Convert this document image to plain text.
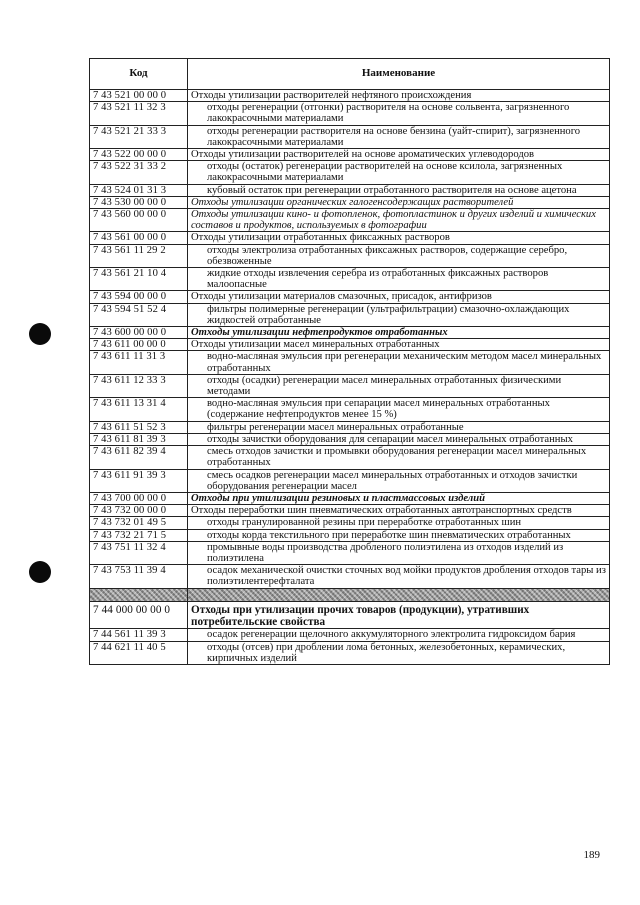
Код	Наименование
7 43 521 00 00 0	Отходы утилизации растворителей нефтяного происхождения
7 43 521 11 32 3	отходы регенерации (отгонки) растворителя на основе сольвента, загрязненного лакокрасочными материалами
7 43 521 21 33 3	отходы регенерации растворителя на основе бензина (уайт-спирит), загрязненного лакокрасочными материалами
7 43 522 00 00 0	Отходы утилизации растворителей на основе ароматических углеводородов
7 43 522 31 33 2	отходы (остаток) регенерации растворителей на основе ксилола, загрязненных лакокрасочными материалами
7 43 524 01 31 3	кубовый остаток при регенерации отработанного растворителя на основе ацетона
7 43 530 00 00 0	Отходы утилизации органических галогенсодержащих растворителей
7 43 560 00 00 0	Отходы утилизации кино- и фотопленок, фотопластинок и других изделий и химических составов и продуктов, используемых в фотографии
7 43 561 00 00 0	Отходы утилизации отработанных фиксажных растворов
7 43 561 11 29 2	отходы электролиза отработанных фиксажных растворов, содержащие серебро, обезвоженные
7 43 561 21 10 4	жидкие отходы извлечения серебра из отработанных фиксажных растворов малоопасные
7 43 594 00 00 0	Отходы утилизации материалов смазочных, присадок, антифризов
7 43 594 51 52 4	фильтры полимерные регенерации (ультрафильтрации) смазочно-охлаждающих жидкостей отработанные
7 43 600 00 00 0	Отходы утилизации нефтепродуктов отработанных
7 43 611 00 00 0	Отходы утилизации масел минеральных отработанных
7 43 611 11 31 3	водно-масляная эмульсия при регенерации механическим методом масел минеральных отработанных
7 43 611 12 33 3	отходы (осадки) регенерации масел минеральных отработанных физическими методами
7 43 611 13 31 4	водно-масляная эмульсия при сепарации масел минеральных отработанных (содержание нефтепродуктов менее 15 %)
7 43 611 51 52 3	фильтры регенерации масел минеральных отработанные
7 43 611 81 39 3	отходы зачистки оборудования для сепарации масел минеральных отработанных
7 43 611 82 39 4	смесь отходов зачистки и промывки оборудования регенерации масел минеральных отработанных
7 43 611 91 39 3	смесь осадков регенерации масел минеральных отработанных и отходов зачистки оборудования регенерации масел
7 43 700 00 00 0	Отходы при утилизации резиновых и пластмассовых изделий
7 43 732 00 00 0	Отходы переработки шин пневматических отработанных автотранспортных средств
7 43 732 01 49 5	отходы гранулированной резины при переработке отработанных шин
7 43 732 21 71 5	отходы корда текстильного при переработке шин пневматических отработанных
7 43 751 11 32 4	промывные воды производства дробленого полиэтилена из отходов изделий из полиэтилена
7 43 753 11 39 4	осадок механической очистки сточных вод мойки продуктов дробления отходов тары из полиэтилентерефталата

7 44 000 00 00 0	Отходы при утилизации прочих товаров (продукции), утративших потребительские свойства
7 44 561 11 39 3	осадок регенерации щелочного аккумуляторного электролита гидроксидом бария
7 44 621 11 40 5	отходы (отсев) при дроблении лома бетонных, железобетонных, керамических, кирпичных изделий
189
